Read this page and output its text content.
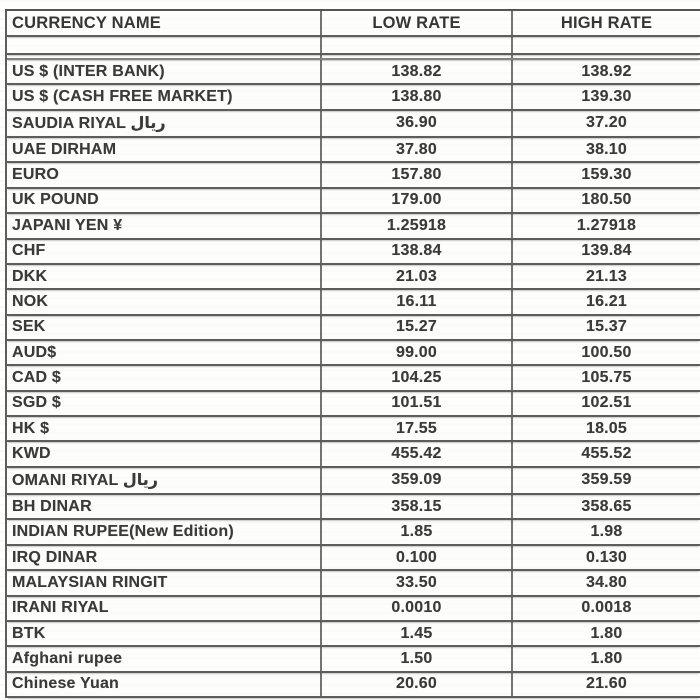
CURRENCY NAME	LOW RATE	HIGH RATE
US $ (INTER BANK)	138.82	138.92
US $ (CASH FREE MARKET)	138.80	139.30
SAUDIA RIYAL ريال	36.90	37.20
UAE DIRHAM	37.80	38.10
EURO	157.80	159.30
UK POUND	179.00	180.50
JAPANI YEN ¥	1.25918	1.27918
CHF	138.84	139.84
DKK	21.03	21.13
NOK	16.11	16.21
SEK	15.27	15.37
AUD$	99.00	100.50
CAD $	104.25	105.75
SGD $	101.51	102.51
HK $	17.55	18.05
KWD	455.42	455.52
OMANI RIYAL ريال	359.09	359.59
BH DINAR	358.15	358.65
INDIAN RUPEE(New Edition)	1.85	1.98
IRQ DINAR	0.100	0.130
MALAYSIAN RINGIT	33.50	34.80
IRANI RIYAL	0.0010	0.0018
BTK	1.45	1.80
Afghani rupee	1.50	1.80
Chinese Yuan	20.60	21.60
